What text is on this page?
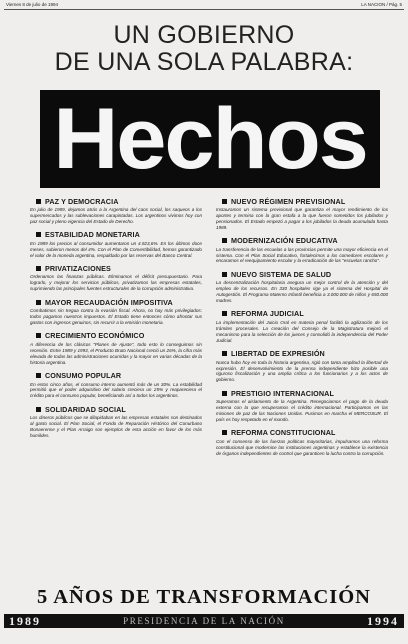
Viernes 8 de julio de 1994	LA NACION / Pág. 5
UN GOBIERNO
DE UNA SOLA PALABRA:
Hechos
PAZ Y DEMOCRACIA
En julio de 1989, dejamos atrás a la Argentina del caos social, los saqueos a los supermercados y las sublevaciones carapintadas. Los argentinos vivimos hoy con paz social y pleno vigencia del Estado de Derecho.
ESTABILIDAD MONETARIA
En 1989 los precios al consumidor aumentaron un 4.923,6%. En los últimos doce meses, subieron menos del 4%. Con el Plan de Convertibilidad, hemos garantizado el valor de la moneda argentina, respaldado por las reservas del Banco Central.
PRIVATIZACIONES
Ordenamos las finanzas públicas. Eliminamos el déficit presupuestario. Para lograrlo, y mejorar los servicios públicos, privatizamos las empresas estatales, suprimiendo las principales fuentes estructurales de la corrupción administrativa.
MAYOR RECAUDACIÓN IMPOSITIVA
Combatimos sin tregua contra la evasión fiscal. Ahora, no hay más privilegiados: todos pagamos nuestros impuestos. El Estado tiene entonces cómo afrontar sus gastos con ingresos genuinos, sin recurrir a la emisión monetaria.
CRECIMIENTO ECONÓMICO
A diferencia de los clásicos "Planes de Ajuste", todo esto lo conseguimos sin recesión. Entre 1989 y 1993, el Producto Bruto Nacional creció un 26%, la cifra más elevada de todas las administraciones ocurridas y la mayor en varias décadas de la historia argentina.
CONSUMO POPULAR
En estos cinco años, el consumo interno aumentó más de un 30%. La estabilidad permitió que el poder adquisitivo del salario creciera un 25% y reapareciera el crédito para el consumo popular, beneficiando así a todos los argentinos.
SOLIDARIDAD SOCIAL
Los dineros públicos que se dilapidaban en las empresas estatales son destinados al gasto social. El Plan Social, el Fondo de Reparación Histórico del Conurbano Bonaerense y el Plan Arraigo son ejemplos de esta acción en favor de los más humildes.
NUEVO RÉGIMEN PREVISIONAL
Instauramos un sistema previsional que garantiza el mayor rendimiento de los aportes y termina con la gran estafa a la que fueron sometidos los jubilados y pensionados. El Estado empezó a pagar a los jubilados la deuda acumulada hasta 1989.
MODERNIZACIÓN EDUCATIVA
La transferencia de las escuelas a las provincias permite una mayor eficiencia en el sistema. Con el Plan Social Educativo, fortalecimos a los comedores escolares y encaramos el reequipamiento escolar y la erradicación de las "escuelas rancho".
NUEVO SISTEMA DE SALUD
La descentralización hospitalaria asegura un mejor control de la atención y del empleo de los recursos. En 330 hospitales rige ya el sistema del Hospital de Autogestión. El Programa Materno Infantil beneficia a 3.000.000 de niños y 650.000 madres.
REFORMA JUDICIAL
La implementación del Juicio Oral en materia penal facilitó la agilización de los trámites procesales. La creación del Consejo de la Magistratura mejoró el mecanismo para la selección de los jueces y consolidó la independencia del Poder Judicial.
LIBERTAD DE EXPRESIÓN
Nunca hubo hoy en toda la historia argentina, rigió con tanta amplitud la libertad de expresión. El desenvolvimiento de la prensa independiente hizo posible una riguroso fiscalización y una amplia crítica a los funcionarios y a los actos de gobierno.
PRESTIGIO INTERNACIONAL
Superamos el aislamiento de la Argentina. Renegociamos el pago de la deuda externa con la que recuperamos el crédito internacional. Participamos en las misiones de paz de las Naciones Unidas. Pusimos en marcha el MERCOSUR. El país es hoy respetado en el mundo.
REFORMA CONSTITUCIONAL
Con el consenso de las fuerzas políticas mayoritarias, impulsamos una reforma constitucional que modernice las instituciones argentinas y establece la existencia de órganos independientes de control que garanticen la lucha contra la corrupción.
5 AÑOS DE TRANSFORMACIÓN
1989	PRESIDENCIA DE LA NACIÓN	1994
